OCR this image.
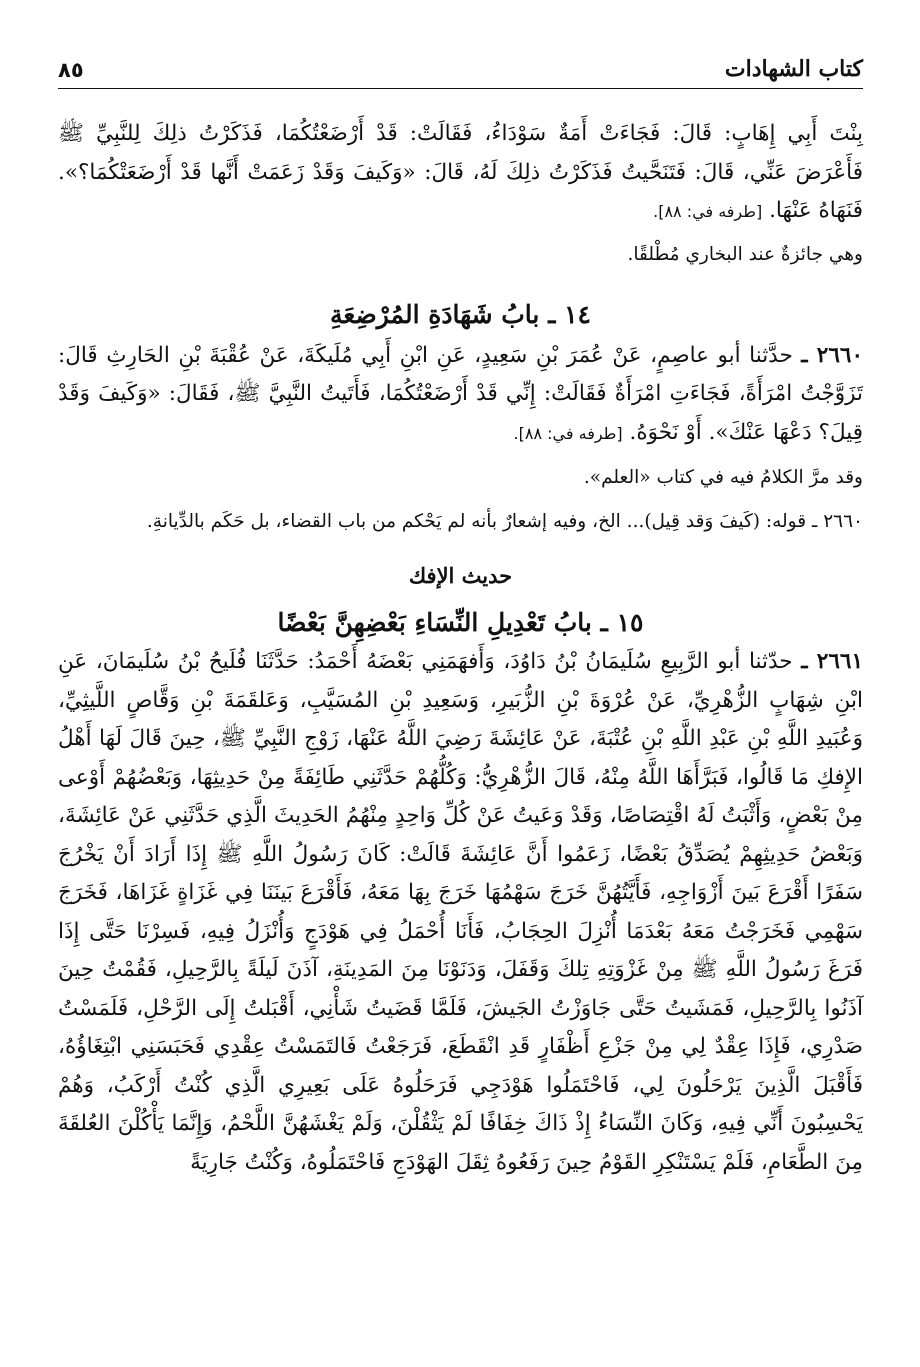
كتاب الشهادات
٨٥
بِنْتَ أَبِي إِهَابٍ: قَالَ: فَجَاءَتْ أَمَةٌ سَوْدَاءُ، فَقَالَتْ: قَدْ أَرْضَعْتُكُمَا، فَذَكَرْتُ ذلِكَ لِلنَّبِيِّ ﷺ فَأَعْرَضَ عَنِّي، قَالَ: فَتَنَحَّيتُ فَذَكَرْتُ ذلِكَ لَهُ، قَالَ: «وَكَيفَ وَقَدْ زَعَمَتْ أَنَّها قَدْ أَرْضَعَتْكُمَا؟». فَنَهَاهُ عَنْهَا. [طرفه في: ٨٨].

وهي جائزةٌ عند البخاري مُطْلقًا.

١٤ ـ بابُ شَهَادَةِ المُرْضِعَةِ

٢٦٦٠ ـ حدَّثنا أبو عاصِمٍ، عَنْ عُمَرَ بْنِ سَعِيدٍ، عَنِ ابْنِ أَبِي مُلَيكَةَ، عَنْ عُقْبَةَ بْنِ الحَارِثِ قَالَ: تَزَوَّجْتُ امْرَأَةً، فَجَاءَتِ امْرَأَةٌ فَقَالَتْ: إِنِّي قَدْ أَرْضَعْتُكُمَا، فَأَتَيتُ النَّبِيَّ ﷺ، فَقَالَ: «وَكَيفَ وَقَدْ قِيلَ؟ دَعْهَا عَنْكَ». أَوْ نَحْوَهُ. [طرفه في: ٨٨].

وقد مرَّ الكلامُ فيه في كتاب «العلم».

٢٦٦٠ ـ قوله: (كَيفَ وَقد قِيل)... الخ، وفيه إشعارٌ بأنه لم يَحْكم من باب القضاء، بل حَكَم بالدِّيانةِ.

حديث الإفك

١٥ ـ بابُ تَعْدِيلِ النِّسَاءِ بَعْضِهِنَّ بَعْضًا

٢٦٦١ ـ حدّثنا أبو الرَّبِيعِ سُلَيمَانُ بْنُ دَاوُدَ، وَأَفهَمَنِي بَعْضَهُ أَحْمَدُ: حَدَّثَنَا فُلَيحُ بْنُ سُلَيمَانَ، عَنِ ابْنِ شِهَابٍ الزُّهْرِيِّ، عَنْ عُرْوَةَ بْنِ الزُّبَيرِ، وَسَعِيدِ بْنِ المُسَيَّبِ، وَعَلقَمَةَ بْنِ وَقَّاصٍ اللَّيثِيِّ، وَعُبَيدِ اللَّهِ بْنِ عَبْدِ اللَّهِ بْنِ عُتْبَةَ، عَنْ عَائِشَةَ رَضِيَ اللَّهُ عَنْهَا، زَوْجِ النَّبِيِّ ﷺ، حِينَ قَالَ لَهَا أَهْلُ الإِفكِ مَا قَالُوا، فَبَرَّأَهَا اللَّهُ مِنْهُ، قَالَ الزُّهْرِيُّ: وَكُلُّهُمْ حَدَّثَنِي طَائِفَةً مِنْ حَدِيثِهَا، وَبَعْضُهُمْ أَوْعى مِنْ بَعْضٍ، وَأَثْبَتُ لَهُ اقْتِصَاصًا، وَقَدْ وَعَيتُ عَنْ كُلِّ وَاحِدٍ مِنْهُمُ الحَدِيثَ الَّذِي حَدَّثَنِي عَنْ عَائِشَةَ، وَبَعْضُ حَدِيثِهِمْ يُصَدِّقُ بَعْضًا، زَعَمُوا أَنَّ عَائِشَةَ قَالَتْ: كَانَ رَسُولُ اللَّهِ ﷺ إِذَا أَرَادَ أَنْ يَخْرُجَ سَفَرًا أَقْرَعَ بَينَ أَزْوَاجِهِ، فَأَيَّتُهُنَّ خَرَجَ سَهْمُهَا خَرَجَ بِهَا مَعَهُ، فَأَقْرَعَ بَينَنَا فِي غَزَاةٍ غَزَاهَا، فَخَرَجَ سَهْمِي فَخَرَجْتُ مَعَهُ بَعْدَمَا أُنْزِلَ الحِجَابُ، فَأَنَا أُحْمَلُ فِي هَوْدَجٍ وَأُنْزَلُ فِيهِ، فَسِرْنَا حَتَّى إِذَا فَرَغَ رَسُولُ اللَّهِ ﷺ مِنْ غَزْوَتِهِ تِلكَ وَقَفَلَ، وَدَنَوْنَا مِنَ المَدِينَةِ، آذَنَ لَيلَةً بِالرَّحِيلِ، فَقُمْتُ حِينَ آذَنُوا بِالرَّحِيلِ، فَمَشَيتُ حَتَّى جَاوَزْتُ الجَيشَ، فَلَمَّا قَضَيتُ شَأْنِي، أَقْبَلتُ إِلَى الرَّحْلِ، فَلَمَسْتُ صَدْرِي، فَإِذَا عِقْدٌ لِي مِنْ جَزْعِ أَظْفَارٍ قَدِ انْقَطَعَ، فَرَجَعْتُ فَالتَمَسْتُ عِقْدِي فَحَبَسَنِي ابْتِغَاؤُهُ، فَأَقْبَلَ الَّذِينَ يَرْحَلُونَ لِي، فَاحْتَمَلُوا هَوْدَجِي فَرَحَلُوهُ عَلَى بَعِيرِي الَّذِي كُنْتُ أَرْكَبُ، وَهُمْ يَحْسِبُونَ أَنِّي فِيهِ، وَكَانَ النِّسَاءُ إِذْ ذَاكَ خِفَافًا لَمْ يَثْقُلْنَ، وَلَمْ يَغْشَهُنَّ اللَّحْمُ، وَإِنَّمَا يَأْكُلْنَ العُلقَةَ مِنَ الطَّعَامِ، فَلَمْ يَسْتَنْكِرِ القَوْمُ حِينَ رَفَعُوهُ ثِقَلَ الهَوْدَجِ فَاحْتَمَلُوهُ، وَكُنْتُ جَارِيَةً
